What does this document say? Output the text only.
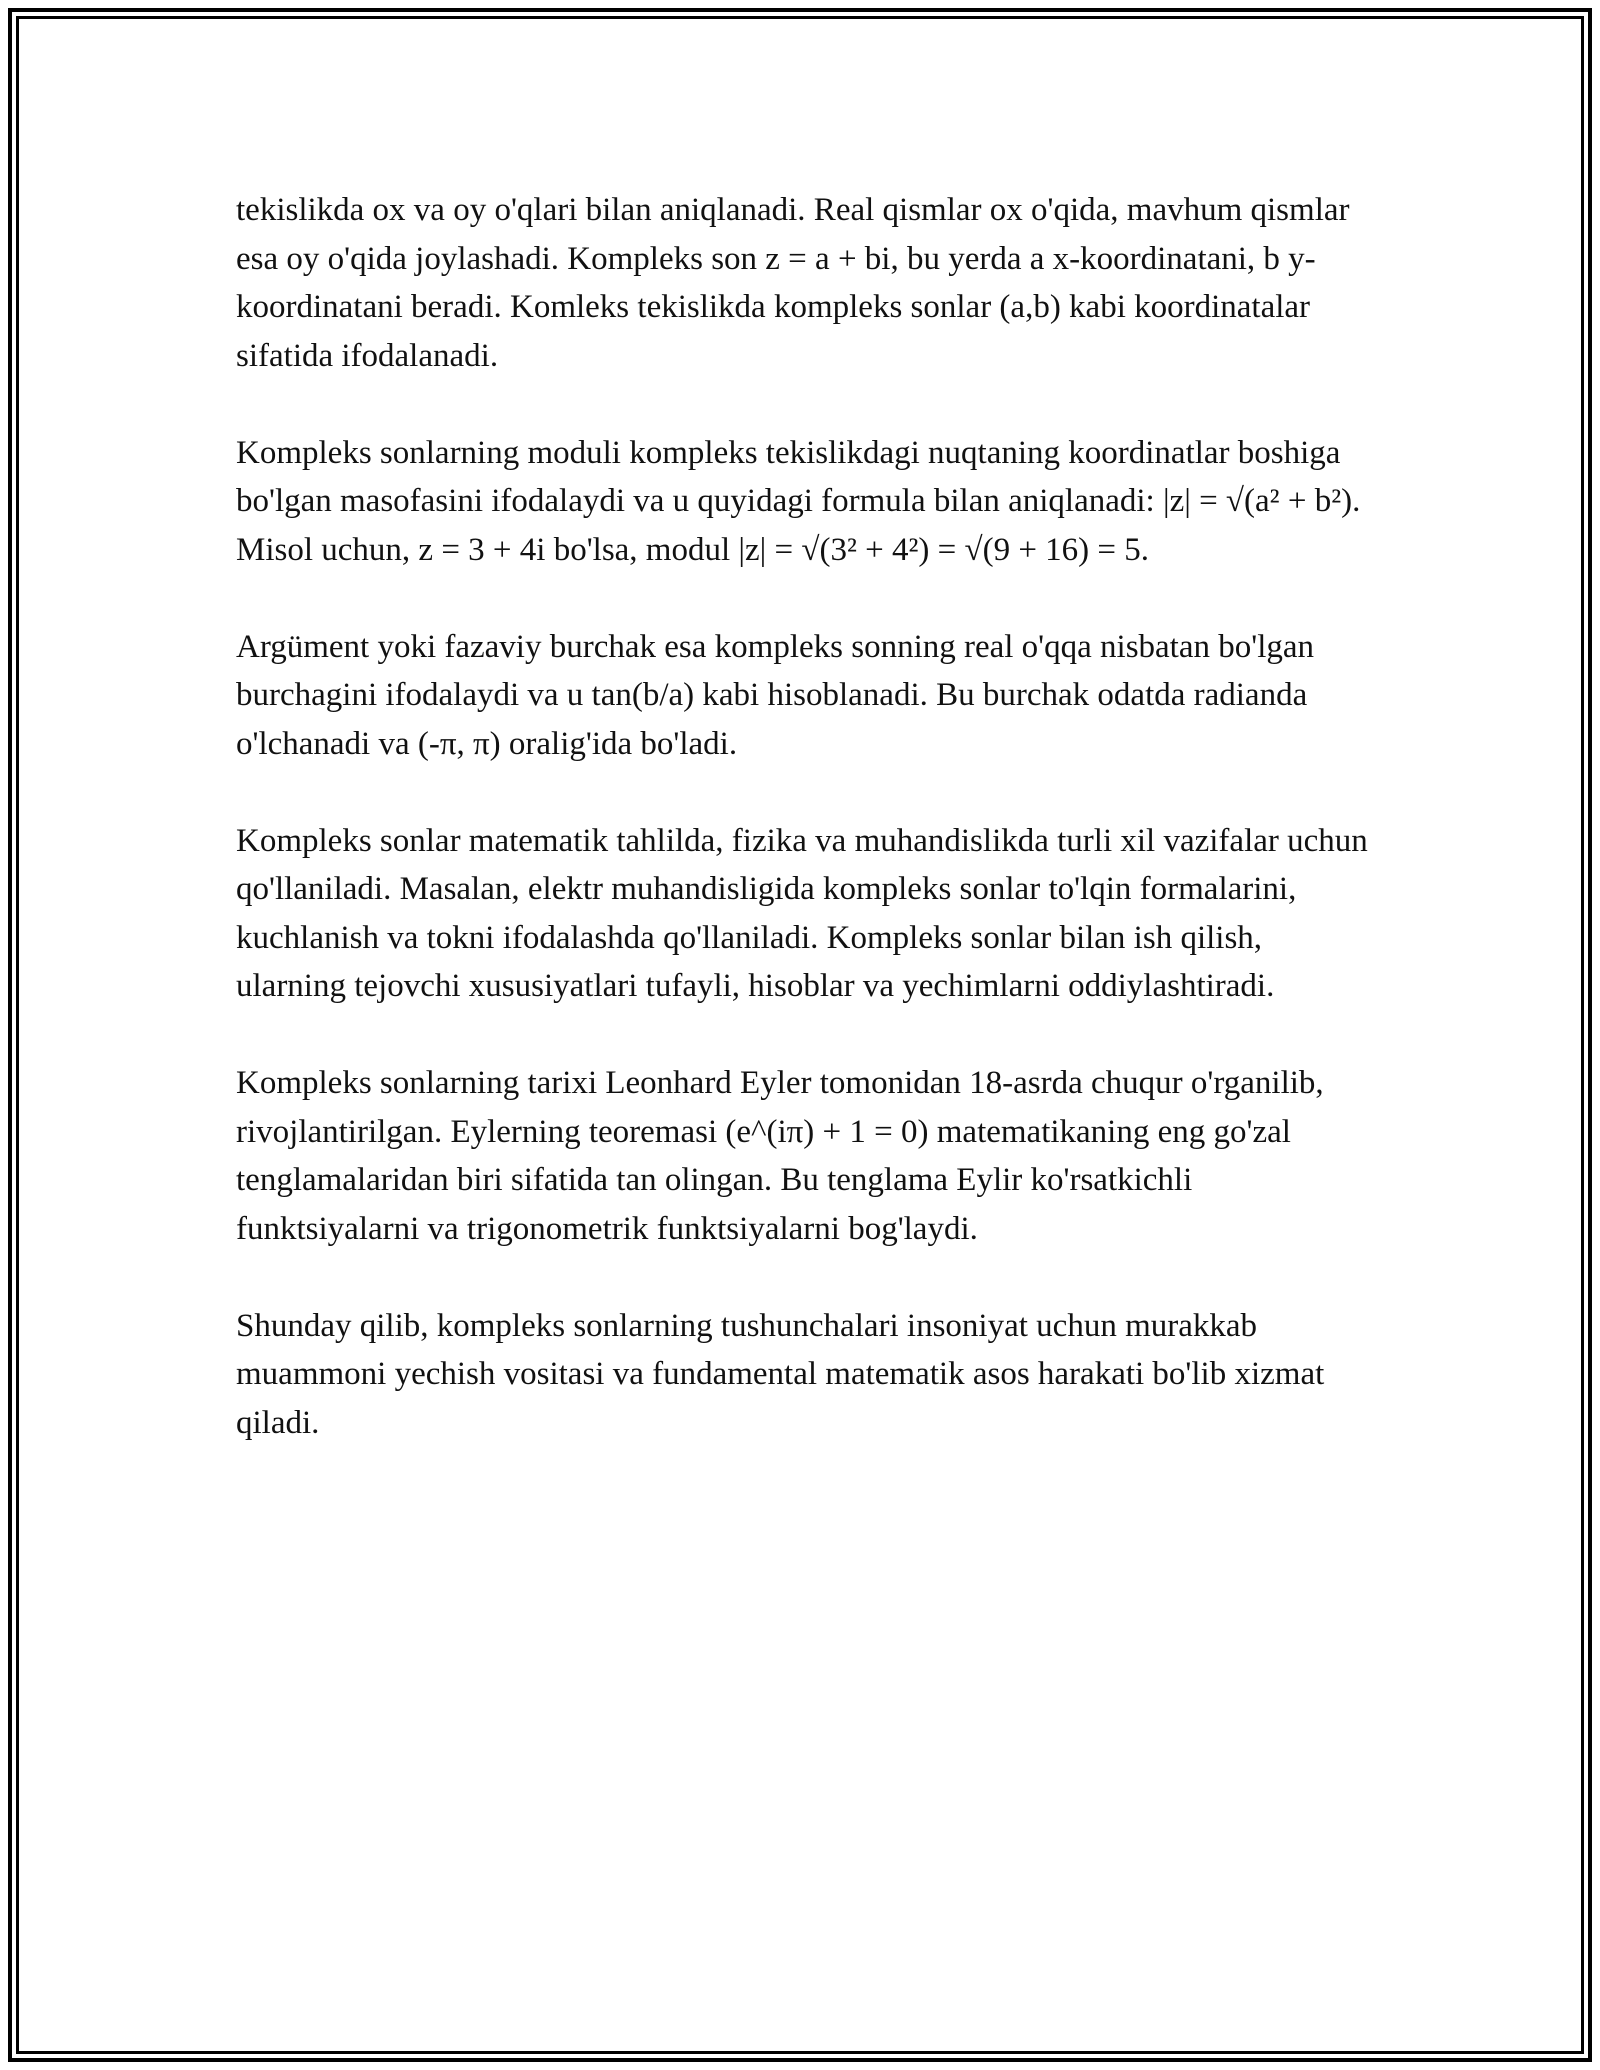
tekislikda ox va oy o'qlari bilan aniqlanadi. Real qismlar ox o'qida, mavhum qismlar esa oy o'qida joylashadi. Kompleks son z = a + bi, bu yerda a x-koordinatani, b y-koordinatani beradi. Komleks tekislikda kompleks sonlar (a,b) kabi koordinatalar sifatida ifodalanadi.

Kompleks sonlarning moduli kompleks tekislikdagi nuqtaning koordinatlar boshiga bo'lgan masofasini ifodalaydi va u quyidagi formula bilan aniqlanadi: |z| = √(a² + b²). Misol uchun, z = 3 + 4i bo'lsa, modul |z| = √(3² + 4²) = √(9 + 16) = 5.

Argüment yoki fazaviy burchak esa kompleks sonning real o'qqa nisbatan bo'lgan burchagini ifodalaydi va u tan(b/a) kabi hisoblanadi. Bu burchak odatda radianda o'lchanadi va (-π, π) oralig'ida bo'ladi.

Kompleks sonlar matematik tahlilda, fizika va muhandislikda turli xil vazifalar uchun qo'llaniladi. Masalan, elektr muhandisligida kompleks sonlar to'lqin formalarini, kuchlanish va tokni ifodalashda qo'llaniladi. Kompleks sonlar bilan ish qilish, ularning tejovchi xususiyatlari tufayli, hisoblar va yechimlarni oddiylashtiradi.

Kompleks sonlarning tarixi Leonhard Eyler tomonidan 18-asrda chuqur o'rganilib, rivojlantirilgan. Eylerning teoremasi (e^(iπ) + 1 = 0) matematikaning eng go'zal tenglamalaridan biri sifatida tan olingan. Bu tenglama Eylir ko'rsatkichli funktsiyalarni va trigonometrik funktsiyalarni bog'laydi.

Shunday qilib, kompleks sonlarning tushunchalari insoniyat uchun murakkab muammoni yechish vositasi va fundamental matematik asos harakati bo'lib xizmat qiladi.
